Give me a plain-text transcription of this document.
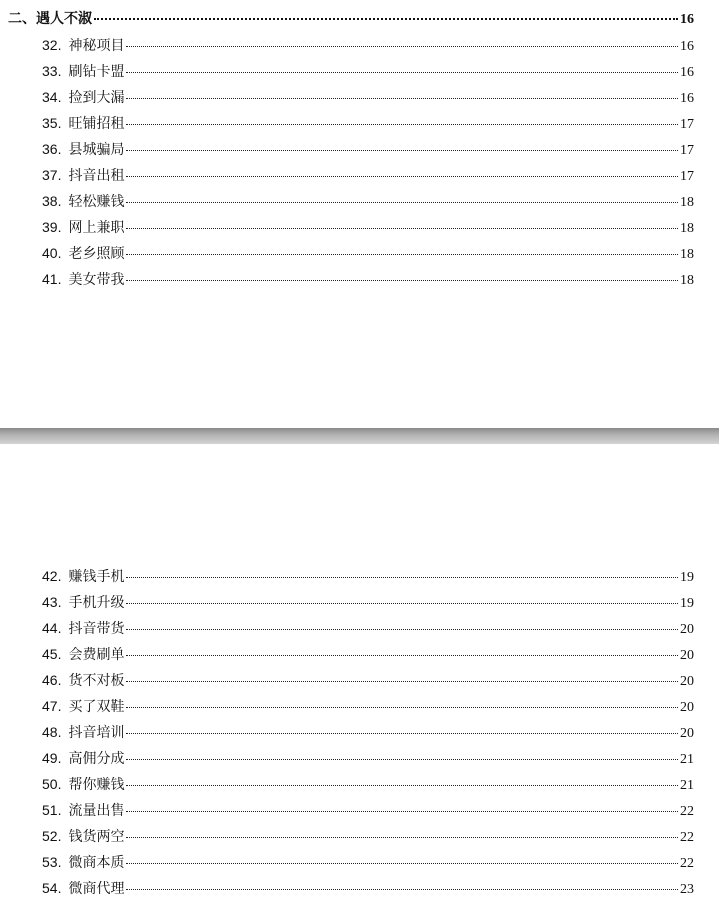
二、遇人不淑	16
32. 神秘项目	16
33. 刷钻卡盟	16
34. 捡到大漏	16
35. 旺铺招租	17
36. 县城骗局	17
37. 抖音出租	17
38. 轻松赚钱	18
39. 网上兼职	18
40. 老乡照顾	18
41. 美女带我	18
42. 赚钱手机	19
43. 手机升级	19
44. 抖音带货	20
45. 会费刷单	20
46. 货不对板	20
47. 买了双鞋	20
48. 抖音培训	20
49. 高佣分成	21
50. 帮你赚钱	21
51. 流量出售	22
52. 钱货两空	22
53. 微商本质	22
54. 微商代理	23
